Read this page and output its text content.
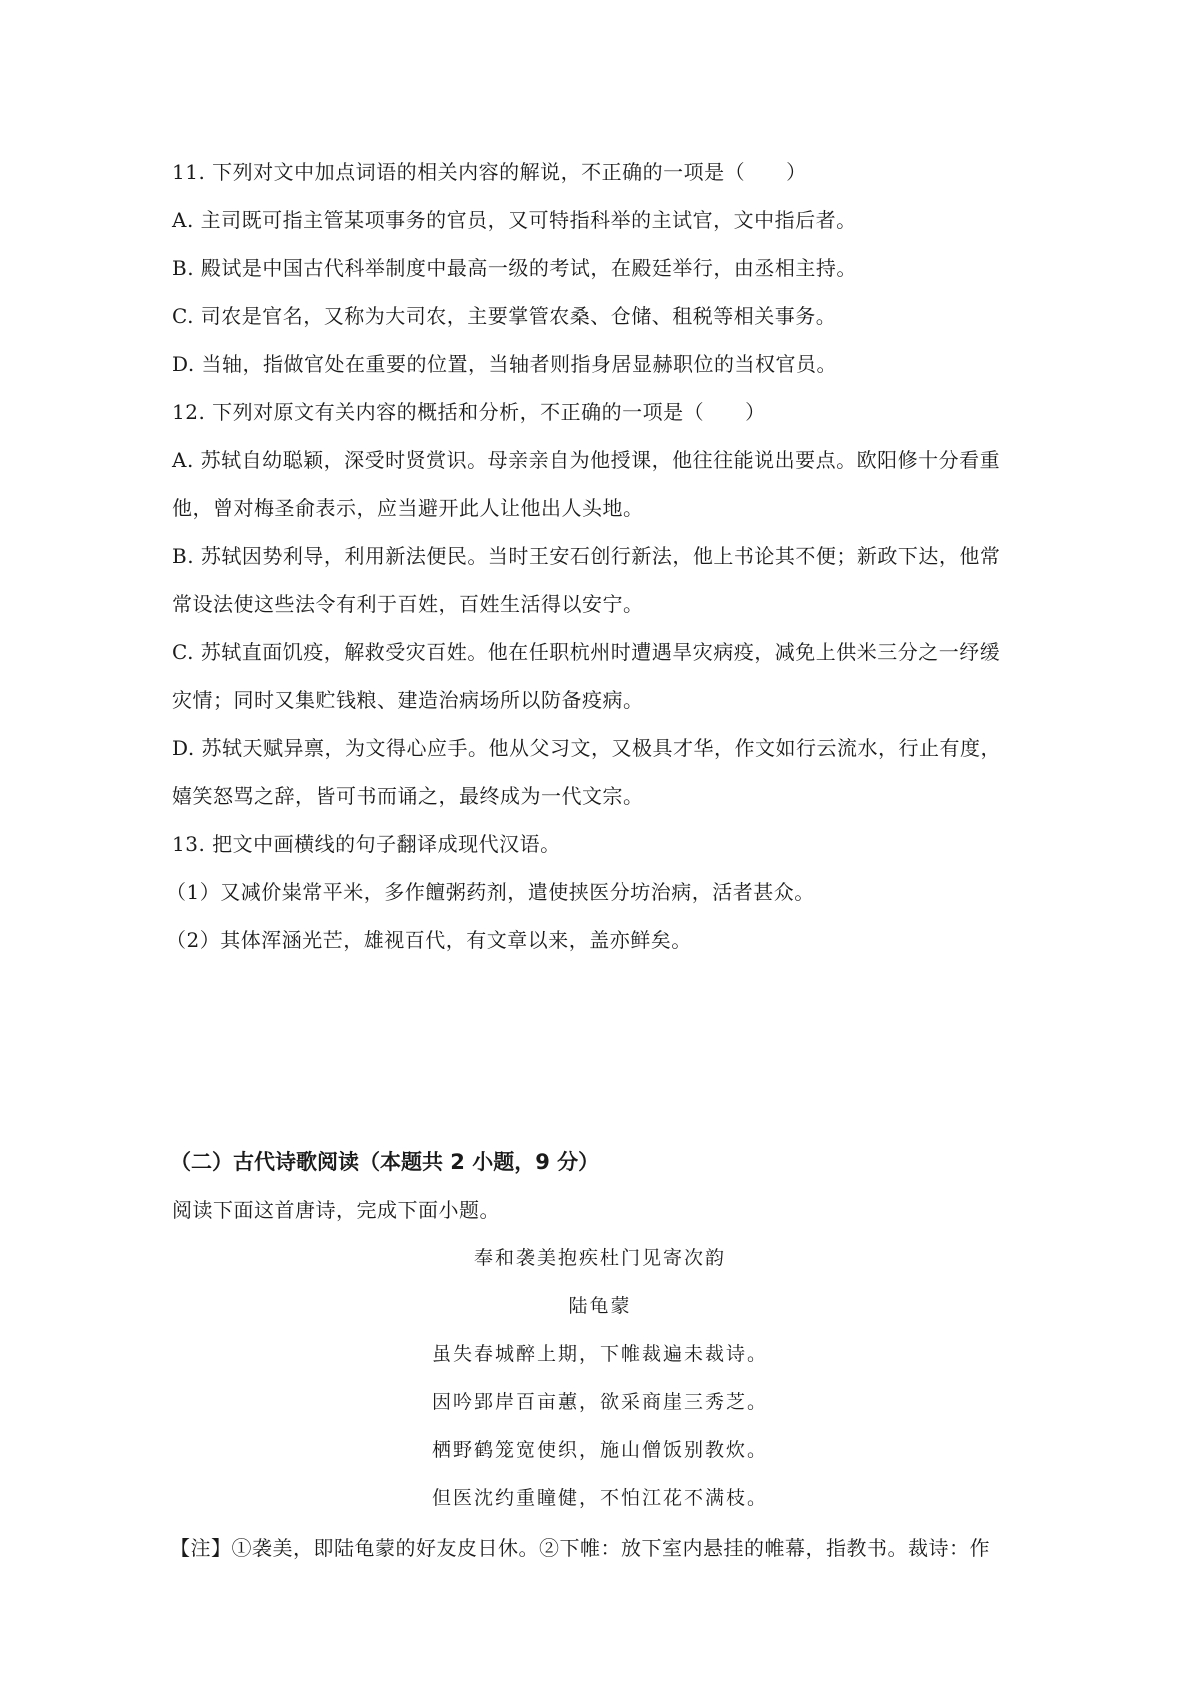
11. 下列对文中加点词语的相关内容的解说，不正确的一项是（　　）
A. 主司既可指主管某项事务的官员，又可特指科举的主试官，文中指后者。
B. 殿试是中国古代科举制度中最高一级的考试，在殿廷举行，由丞相主持。
C. 司农是官名，又称为大司农，主要掌管农桑、仓储、租税等相关事务。
D. 当轴，指做官处在重要的位置，当轴者则指身居显赫职位的当权官员。
12. 下列对原文有关内容的概括和分析，不正确的一项是（　　）
A. 苏轼自幼聪颖，深受时贤赏识。母亲亲自为他授课，他往往能说出要点。欧阳修十分看重
他，曾对梅圣俞表示，应当避开此人让他出人头地。
B. 苏轼因势利导，利用新法便民。当时王安石创行新法，他上书论其不便；新政下达，他常
常设法使这些法令有利于百姓，百姓生活得以安宁。
C. 苏轼直面饥疫，解救受灾百姓。他在任职杭州时遭遇旱灾病疫，减免上供米三分之一纾缓
灾情；同时又集贮钱粮、建造治病场所以防备疫病。
D. 苏轼天赋异禀，为文得心应手。他从父习文，又极具才华，作文如行云流水，行止有度，
嬉笑怒骂之辞，皆可书而诵之，最终成为一代文宗。
13. 把文中画横线的句子翻译成现代汉语。
（1）又减价粜常平米，多作饘粥药剂，遣使挟医分坊治病，活者甚众。
（2）其体浑涵光芒，雄视百代，有文章以来，盖亦鲜矣。
（二）古代诗歌阅读（本题共 2 小题，9 分）
阅读下面这首唐诗，完成下面小题。
奉和袭美抱疾杜门见寄次韵
陆龟蒙
虽失春城醉上期，下帷裁遍未裁诗。
因吟郢岸百亩蕙，欲采商崖三秀芝。
栖野鹤笼宽使织，施山僧饭别教炊。
但医沈约重瞳健，不怕江花不满枝。
【注】①袭美，即陆龟蒙的好友皮日休。②下帷：放下室内悬挂的帷幕，指教书。裁诗：作
